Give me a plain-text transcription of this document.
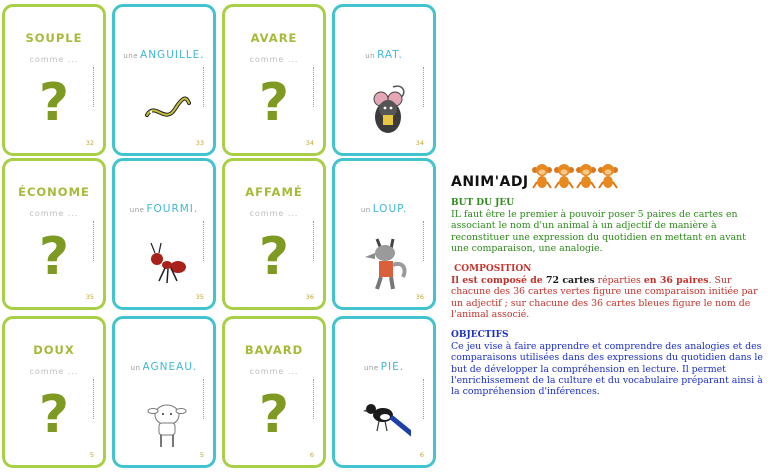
SOUPLE
comme ...
?
32
une ANGUILLE.
33
AVARE
comme ...
?
34
un RAT.
34
ÉCONOME
comme ...
?
35
une FOURMI.
35
AFFAMÉ
comme ...
?
36
un LOUP.
36
DOUX
comme ...
?
5
un AGNEAU.
5
BAVARD
comme ...
?
6
une PIE.
6
ANIM'ADJ
BUT DU JEU

IL faut être le premier à pouvoir poser 5 paires de cartes en associant le nom d'un animal à un adjectif de manière à reconstituer une expression du quotidien en mettant en avant une comparaison, une analogie.

COMPOSITION

Il est composé de 72 cartes réparties en 36 paires. Sur chacune des 36 cartes vertes figure une comparaison initiée par un adjectif ; sur chacune des 36 cartes bleues figure le nom de l'animal associé.

OBJECTIFS

Ce jeu vise à faire apprendre et comprendre des analogies et des comparaisons utilisées dans des expressions du quotidien dans le but de développer la compréhension en lecture. Il permet l'enrichissement de la culture et du vocabulaire préparant ainsi à la compréhension d'inférences.
